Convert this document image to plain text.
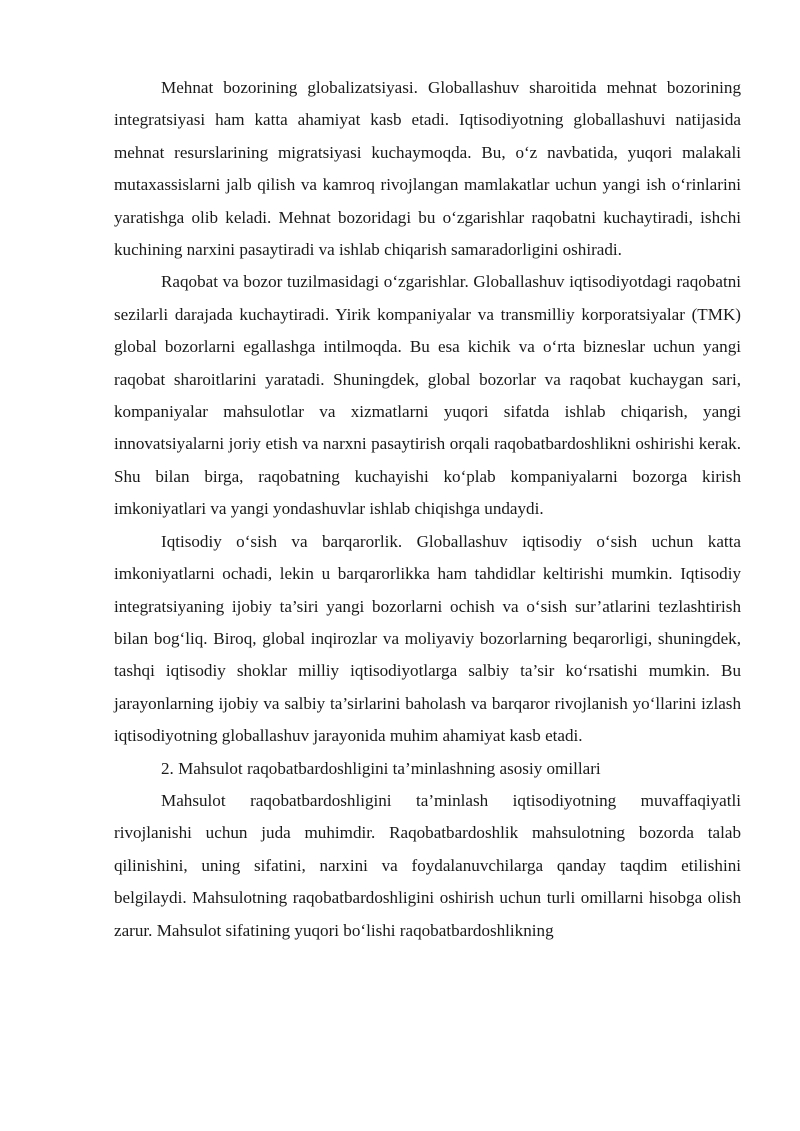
Mehnat bozorining globalizatsiyasi. Globallashuv sharoitida mehnat bozorining integratsiyasi ham katta ahamiyat kasb etadi. Iqtisodiyotning globallashuvi natijasida mehnat resurslarining migratsiyasi kuchaymoqda. Bu, o‘z navbatida, yuqori malakali mutaxassislarni jalb qilish va kamroq rivojlangan mamlakatlar uchun yangi ish o‘rinlarini yaratishga olib keladi. Mehnat bozoridagi bu o‘zgarishlar raqobatni kuchaytiradi, ishchi kuchining narxini pasaytiradi va ishlab chiqarish samaradorligini oshiradi.

Raqobat va bozor tuzilmasidagi o‘zgarishlar. Globallashuv iqtisodiyotdagi raqobatni sezilarli darajada kuchaytiradi. Yirik kompaniyalar va transmilliy korporatsiyalar (TMK) global bozorlarni egallashga intilmoqda. Bu esa kichik va o‘rta bizneslar uchun yangi raqobat sharoitlarini yaratadi. Shuningdek, global bozorlar va raqobat kuchaygan sari, kompaniyalar mahsulotlar va xizmatlarni yuqori sifatda ishlab chiqarish, yangi innovatsiyalarni joriy etish va narxni pasaytirish orqali raqobatbardoshlikni oshirishi kerak. Shu bilan birga, raqobatning kuchayishi ko‘plab kompaniyalarni bozorga kirish imkoniyatlari va yangi yondashuvlar ishlab chiqishga undaydi.

Iqtisodiy o‘sish va barqarorlik. Globallashuv iqtisodiy o‘sish uchun katta imkoniyatlarni ochadi, lekin u barqarorlikka ham tahdidlar keltirishi mumkin. Iqtisodiy integratsiyaning ijobiy ta’siri yangi bozorlarni ochish va o‘sish sur’atlarini tezlashtirish bilan bog‘liq. Biroq, global inqirozlar va moliyaviy bozorlarning beqarorligi, shuningdek, tashqi iqtisodiy shoklar milliy iqtisodiyotlarga salbiy ta’sir ko‘rsatishi mumkin. Bu jarayonlarning ijobiy va salbiy ta’sirlarini baholash va barqaror rivojlanish yo‘llarini izlash iqtisodiyotning globallashuv jarayonida muhim ahamiyat kasb etadi.

2. Mahsulot raqobatbardoshligini ta’minlashning asosiy omillari

Mahsulot raqobatbardoshligini ta’minlash iqtisodiyotning muvaffaqiyatli rivojlanishi uchun juda muhimdir. Raqobatbardoshlik mahsulotning bozorda talab qilinishini, uning sifatini, narxini va foydalanuvchilarga qanday taqdim etilishini belgilaydi. Mahsulotning raqobatbardoshligini oshirish uchun turli omillarni hisobga olish zarur. Mahsulot sifatining yuqori bo‘lishi raqobatbardoshlikning
